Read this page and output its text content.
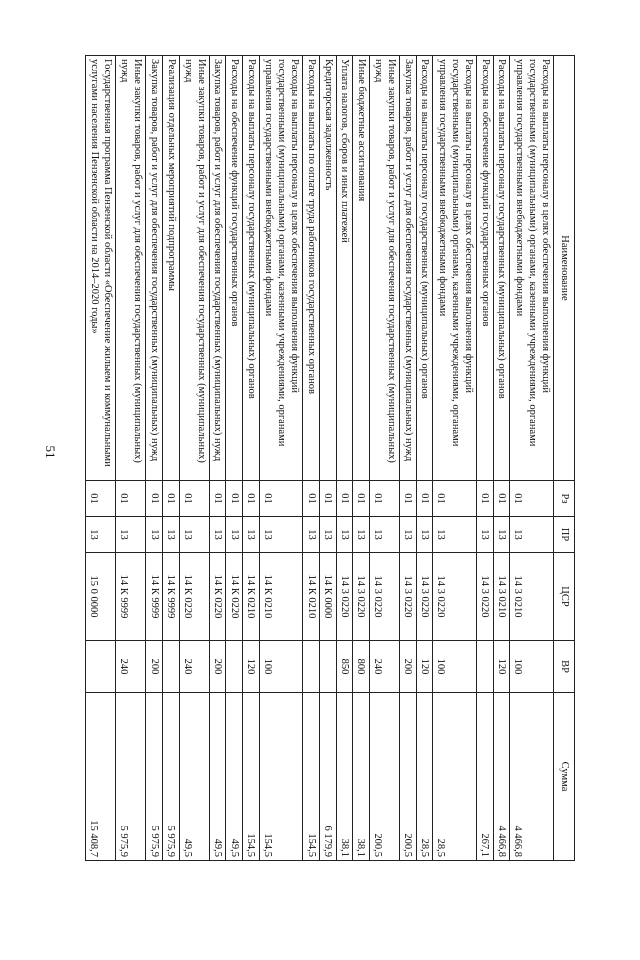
51
Наименование	Рз	ПР	ЦСР	ВР	Сумма
Расходы на выплаты персоналу в целях обеспечения выполнения функций государственными (муниципальными) органами, казенными учреждениями, органами управления государственными внебюджетными фондами	01	13	14 3 0210	100	4 466,8
Расходы на выплаты персоналу государственных (муниципальных) органов	01	13	14 3 0210	120	4 466,8
Расходы на обеспечение функций государственных органов	01	13	14 3 0220		267,1
Расходы на выплаты персоналу в целях обеспечения выполнения функций государственными (муниципальными) органами, казенными учреждениями, органами управления государственными внебюджетными фондами	01	13	14 3 0220	100	28,5
Расходы на выплаты персоналу государственных (муниципальных) органов	01	13	14 3 0220	120	28,5
Закупка товаров, работ и услуг для обеспечения государственных (муниципальных) нужд	01	13	14 3 0220	200	200,5
Иные закупки товаров, работ и услуг для обеспечения государственных (муниципальных) нужд	01	13	14 3 0220	240	200,5
Иные бюджетные ассигнования	01	13	14 3 0220	800	38,1
Уплата налогов, сборов и иных платежей	01	13	14 3 0220	850	38,1
Кредиторская задолженность	01	13	14 К 0000		6 179,9
Расходы на выплаты по оплате труда работников государственных органов	01	13	14 К 0210		154,5
Расходы на выплаты персоналу в целях обеспечения выполнения функций государственными (муниципальными) органами, казенными учреждениями, органами управления государственными внебюджетными фондами	01	13	14 К 0210	100	154,5
Расходы на выплаты персоналу государственных (муниципальных) органов	01	13	14 К 0210	120	154,5
Расходы на обеспечение функций государственных органов	01	13	14 К 0220		49,5
Закупка товаров, работ и услуг для обеспечения государственных (муниципальных) нужд	01	13	14 К 0220	200	49,5
Иные закупки товаров, работ и услуг для обеспечения государственных (муниципальных) нужд	01	13	14 К 0220	240	49,5
Реализация отдельных мероприятий подпрограммы	01	13	14 К 9999		5 975,9
Закупка товаров, работ и услуг для обеспечения государственных (муниципальных) нужд	01	13	14 К 9999	200	5 975,9
Иные закупки товаров, работ и услуг для обеспечения государственных (муниципальных) нужд	01	13	14 К 9999	240	5 975,9
Государственная программа Пензенской области «Обеспечение жилыем и коммунальными услугами населения Пензенской области на 2014–2020 годы»	01	13	15 0 0000		15 408,7
